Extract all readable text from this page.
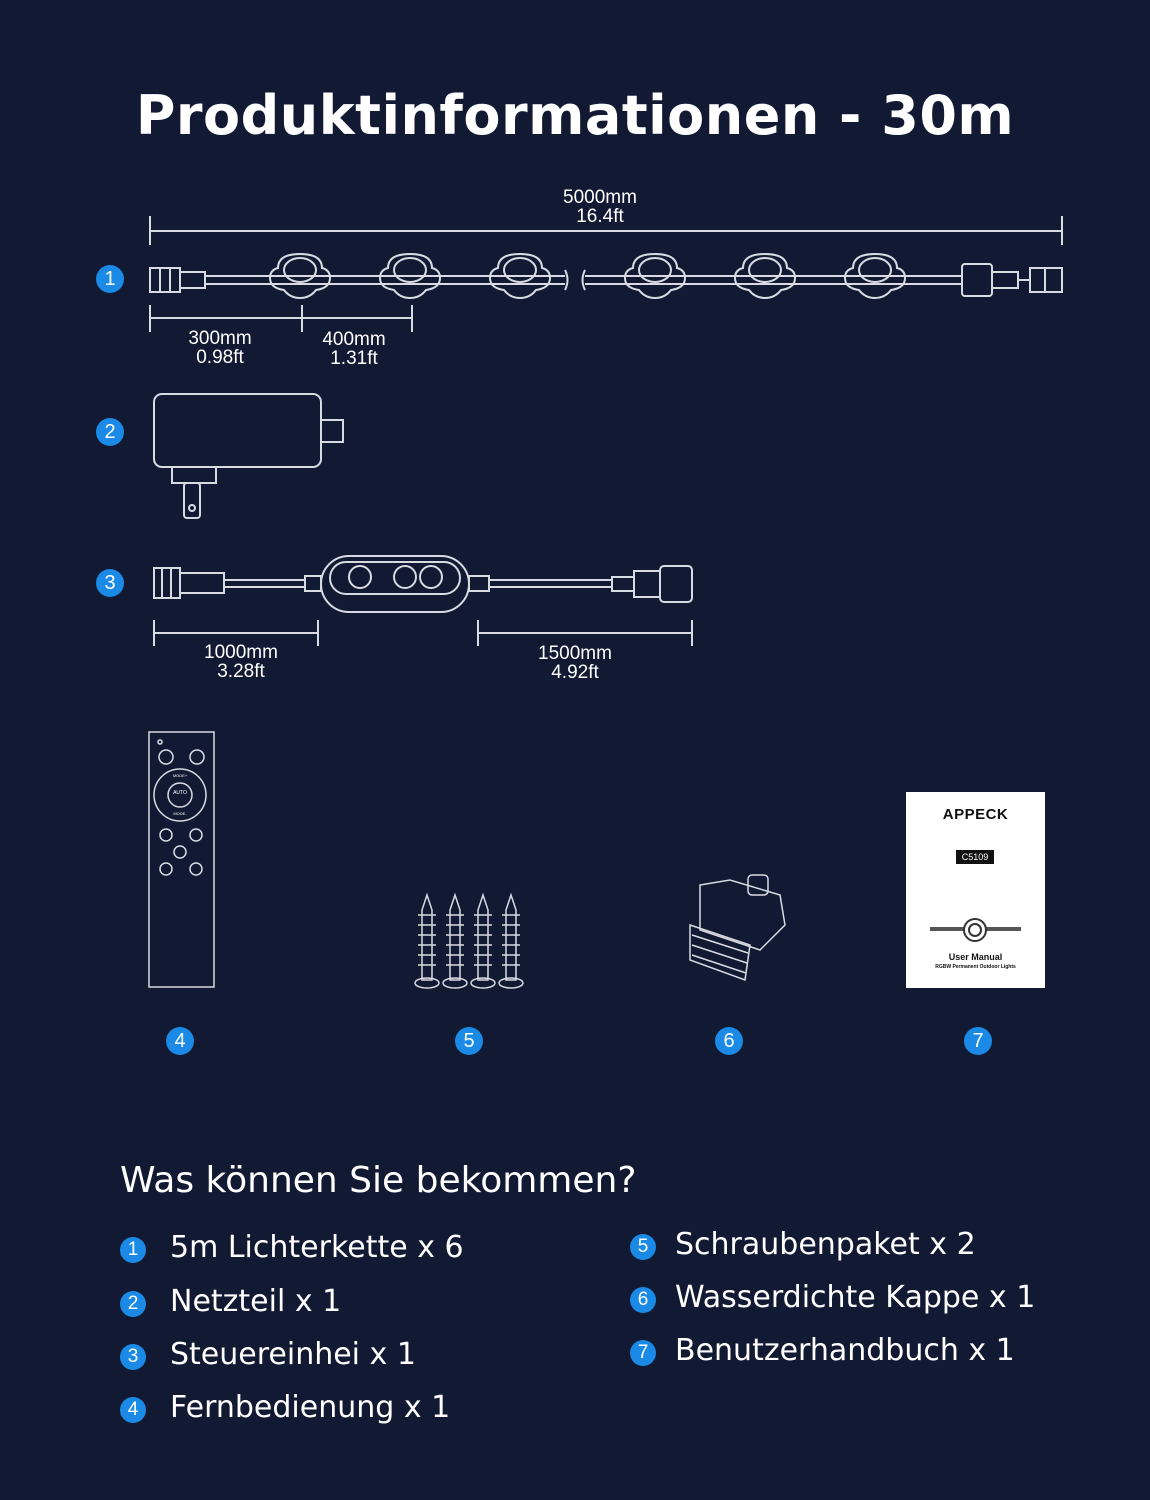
Produktinformationen - 30m
5000mm
16.4ft
300mm
0.98ft
400mm
1.31ft
1000mm
3.28ft
1500mm
4.92ft
AUTO
MODE+
MODE-
1
2
3
4	5	6	7
APPECK
C5109
User Manual
RGBW Permanent Outdoor Lights
Was können Sie bekommen?
1 5m Lichterkette x 6
2 Netzteil x 1
3 Steuereinhei x 1
4 Fernbedienung x 1
5 Schraubenpaket x 2
6 Wasserdichte Kappe x 1
7 Benutzerhandbuch x 1
